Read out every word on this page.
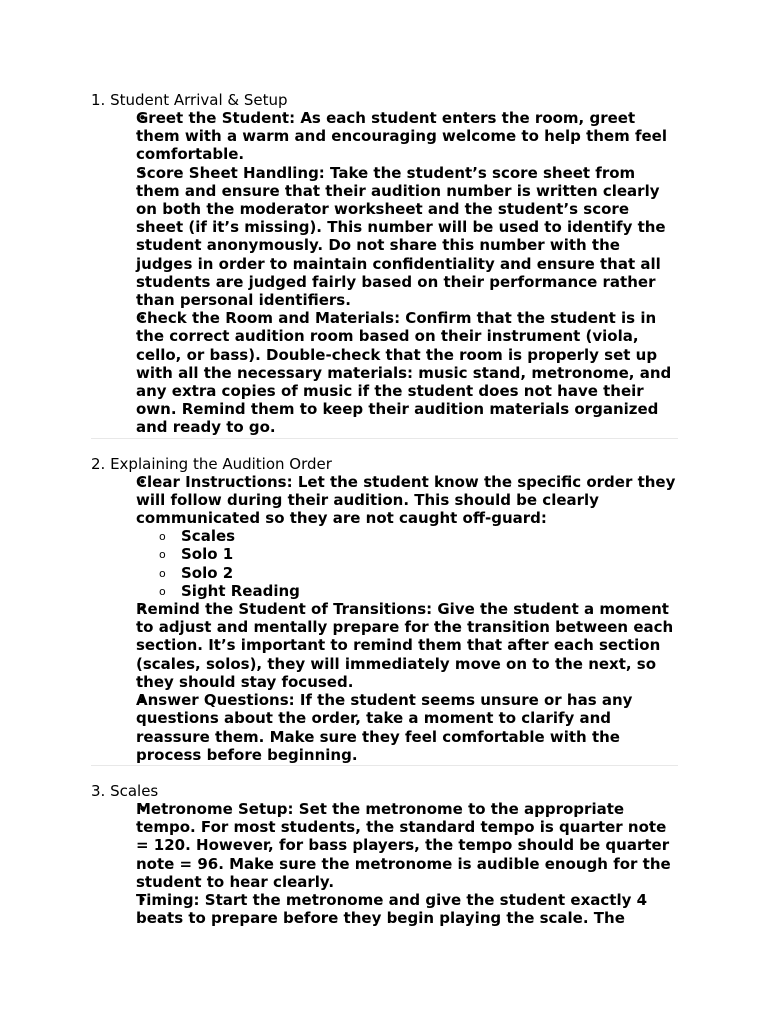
1. Student Arrival & Setup

• Greet the Student: As each student enters the room, greet them with a warm and encouraging welcome to help them feel comfortable.
• Score Sheet Handling: Take the student’s score sheet from them and ensure that their audition number is written clearly on both the moderator worksheet and the student’s score sheet (if it’s missing). This number will be used to identify the student anonymously. Do not share this number with the judges in order to maintain confidentiality and ensure that all students are judged fairly based on their performance rather than personal identifiers.
• Check the Room and Materials: Confirm that the student is in the correct audition room based on their instrument (viola, cello, or bass). Double-check that the room is properly set up with all the necessary materials: music stand, metronome, and any extra copies of music if the student does not have their own. Remind them to keep their audition materials organized and ready to go.

2. Explaining the Audition Order

• Clear Instructions: Let the student know the specific order they will follow during their audition. This should be clearly communicated so they are not caught off-guard:
o Scales
o Solo 1
o Solo 2
o Sight Reading
• Remind the Student of Transitions: Give the student a moment to adjust and mentally prepare for the transition between each section. It’s important to remind them that after each section (scales, solos), they will immediately move on to the next, so they should stay focused.
• Answer Questions: If the student seems unsure or has any questions about the order, take a moment to clarify and reassure them. Make sure they feel comfortable with the process before beginning.

3. Scales

• Metronome Setup: Set the metronome to the appropriate tempo. For most students, the standard tempo is quarter note = 120. However, for bass players, the tempo should be quarter note = 96. Make sure the metronome is audible enough for the student to hear clearly.
• Timing: Start the metronome and give the student exactly 4 beats to prepare before they begin playing the scale. The
